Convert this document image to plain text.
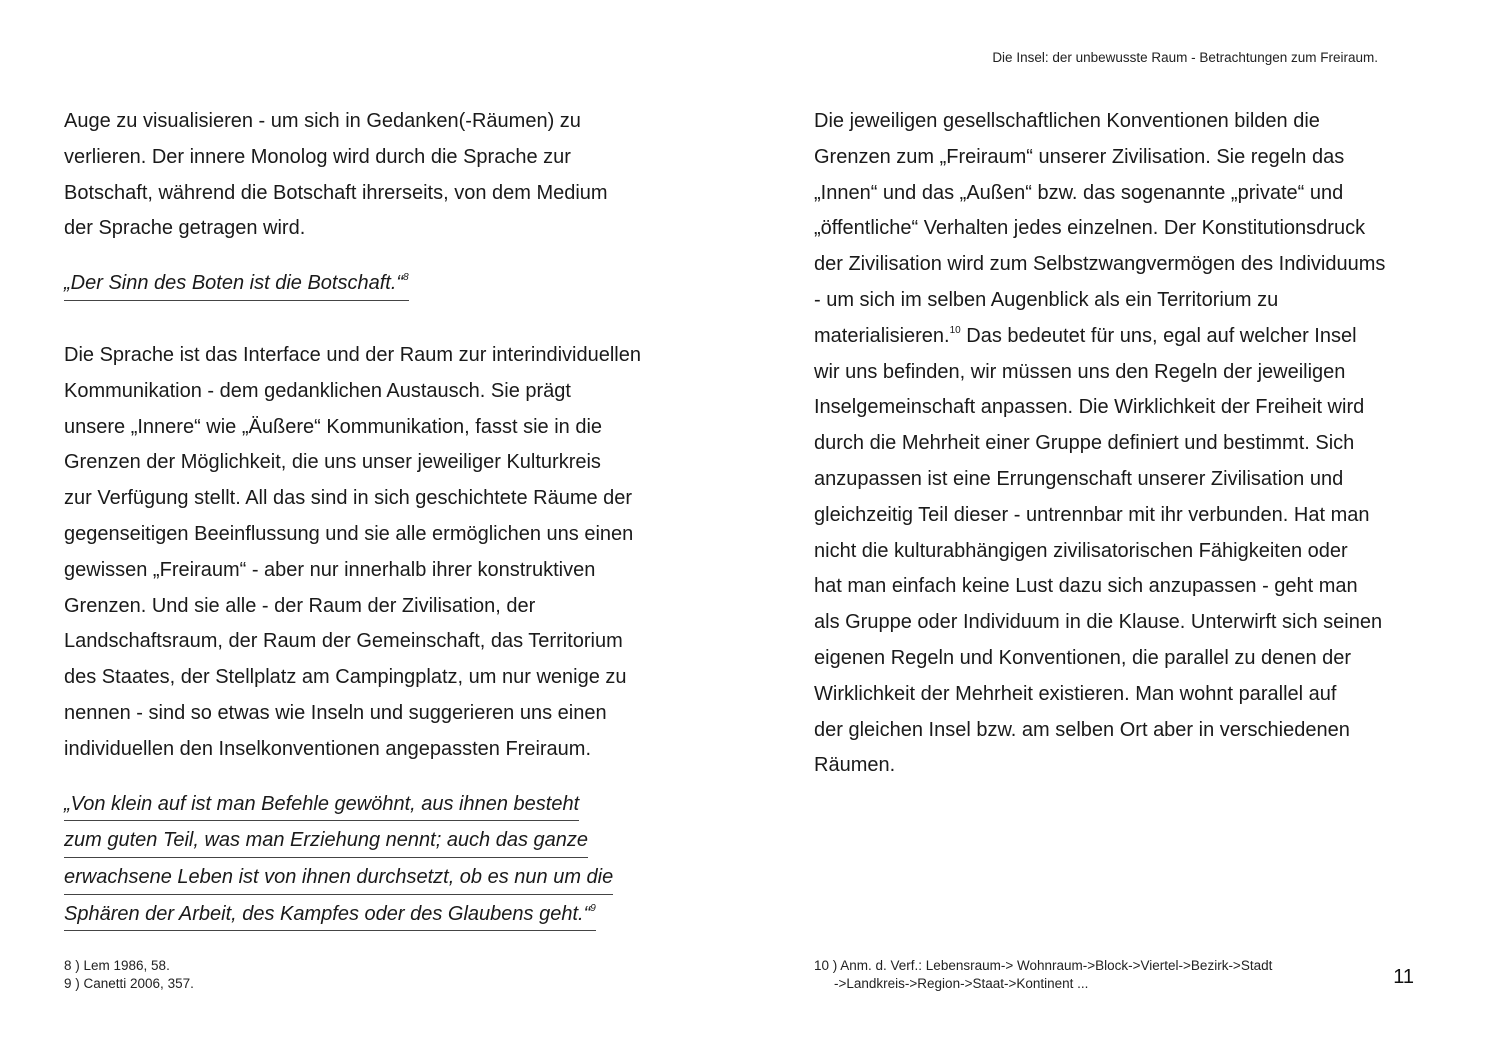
Auge zu visualisieren - um sich in Gedanken(-Räumen) zu
verlieren. Der innere Monolog wird durch die Sprache zur
Botschaft, während die Botschaft ihrerseits, von dem Medium
der Sprache getragen wird.

„Der Sinn des Boten ist die Botschaft.“$^8$

Die Sprache ist das Interface und der Raum zur interindividuellen
Kommunikation - dem gedanklichen Austausch. Sie prägt
unsere „Innere“ wie „Äußere“ Kommunikation, fasst sie in die
Grenzen der Möglichkeit, die uns unser jeweiliger Kulturkreis
zur Verfügung stellt. All das sind in sich geschichtete Räume der
gegenseitigen Beeinflussung und sie alle ermöglichen uns einen
gewissen „Freiraum“ - aber nur innerhalb ihrer konstruktiven
Grenzen. Und sie alle - der Raum der Zivilisation, der
Landschaftsraum, der Raum der Gemeinschaft, das Territorium
des Staates, der Stellplatz am Campingplatz, um nur wenige zu
nennen - sind so etwas wie Inseln und suggerieren uns einen
individuellen den Inselkonventionen angepassten Freiraum.

„Von klein auf ist man Befehle gewöhnt, aus ihnen besteht
zum guten Teil, was man Erziehung nennt; auch das ganze
erwachsene Leben ist von ihnen durchsetzt, ob es nun um die
Sphären der Arbeit, des Kampfes oder des Glaubens geht.“$^9$

8 ) Lem 1986, 58.
9 ) Canetti 2006, 357.
Die Insel: der unbewusste Raum - Betrachtungen zum Freiraum.

Die jeweiligen gesellschaftlichen Konventionen bilden die
Grenzen zum „Freiraum“ unserer Zivilisation. Sie regeln das
„Innen“ und das „Außen“ bzw. das sogenannte „private“ und
„öffentliche“ Verhalten jedes einzelnen. Der Konstitutionsdruck
der Zivilisation wird zum Selbstzwangvermögen des Individuums
- um sich im selben Augenblick als ein Territorium zu
materialisieren.$^{10}$ Das bedeutet für uns, egal auf welcher Insel
wir uns befinden, wir müssen uns den Regeln der jeweiligen
Inselgemeinschaft anpassen. Die Wirklichkeit der Freiheit wird
durch die Mehrheit einer Gruppe definiert und bestimmt. Sich
anzupassen ist eine Errungenschaft unserer Zivilisation und
gleichzeitig Teil dieser - untrennbar mit ihr verbunden. Hat man
nicht die kulturabhängigen zivilisatorischen Fähigkeiten oder
hat man einfach keine Lust dazu sich anzupassen - geht man
als Gruppe oder Individuum in die Klause. Unterwirft sich seinen
eigenen Regeln und Konventionen, die parallel zu denen der
Wirklichkeit der Mehrheit existieren. Man wohnt parallel auf
der gleichen Insel bzw. am selben Ort aber in verschiedenen
Räumen.

10 ) Anm. d. Verf.: Lebensraum-> Wohnraum->Block->Viertel->Bezirk->Stadt
->Landkreis->Region->Staat->Kontinent ...	11
